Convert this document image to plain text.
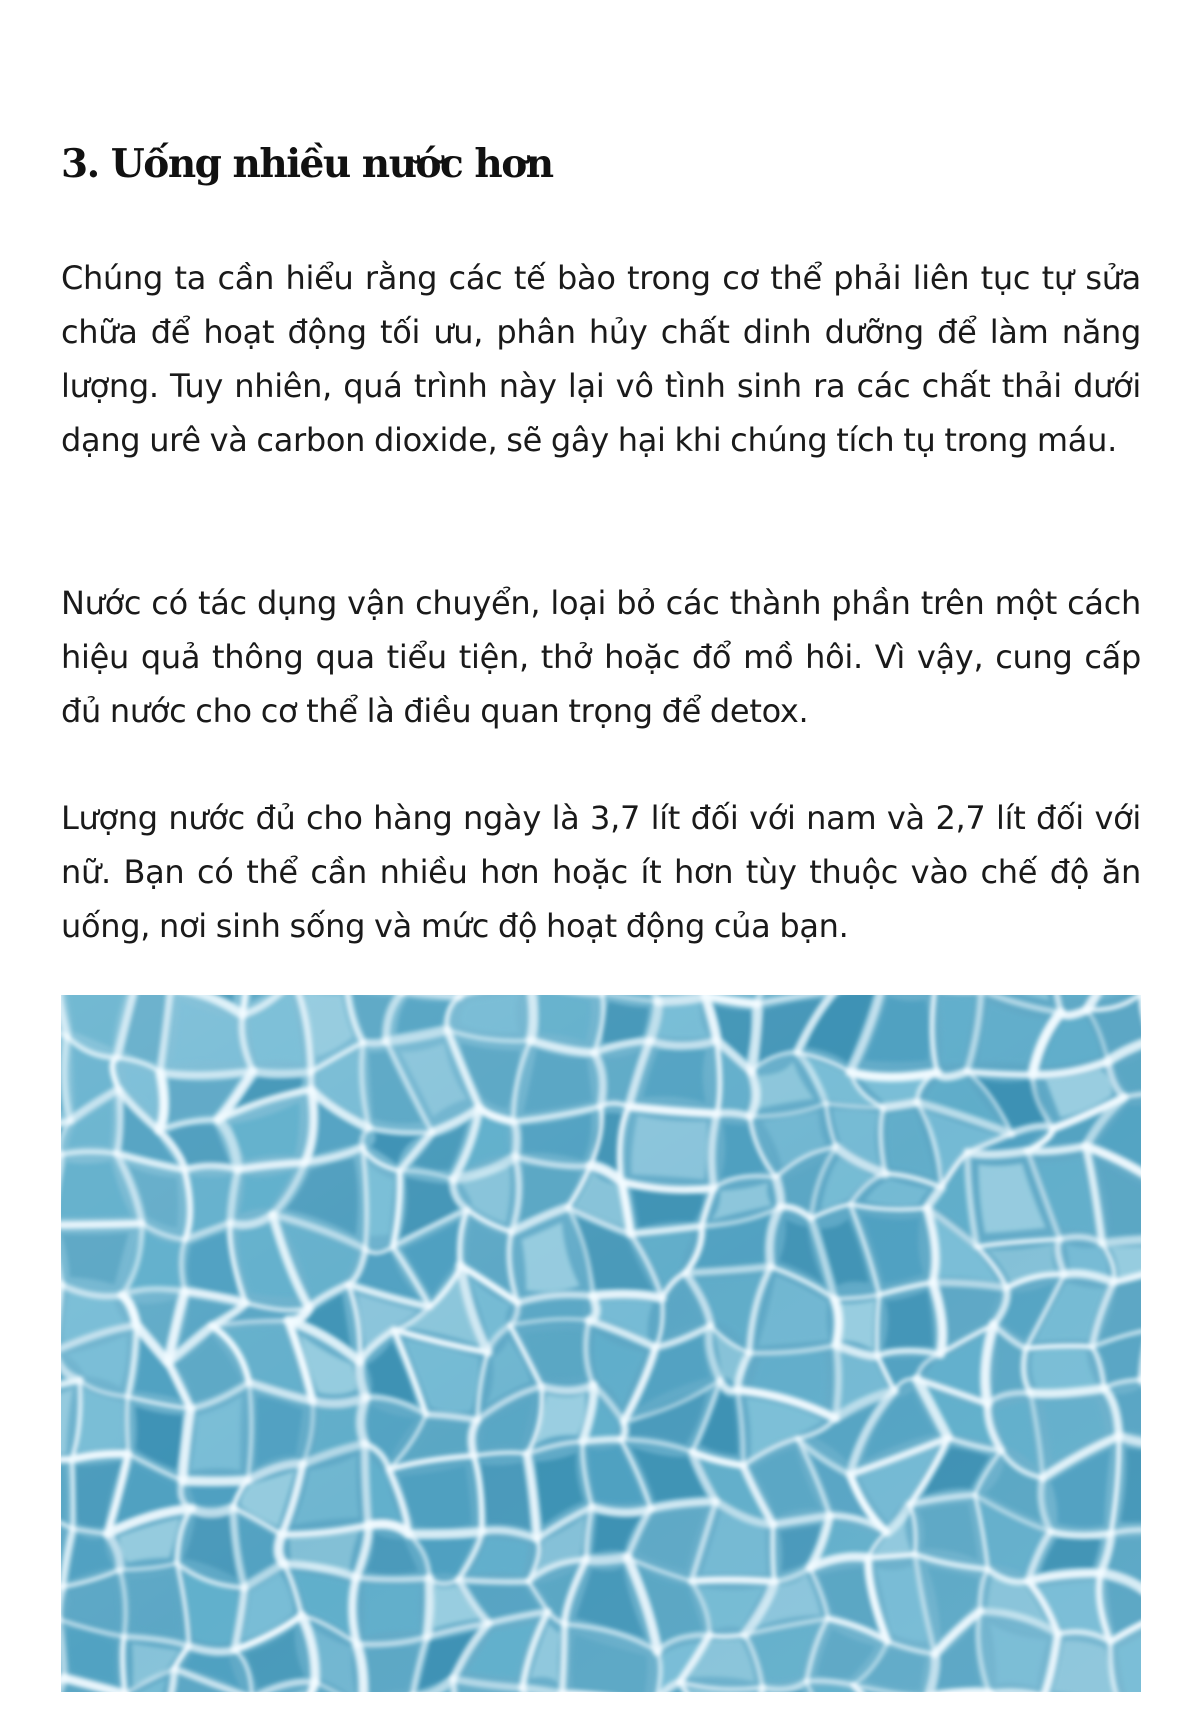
3. Uống nhiều nước hơn

Chúng ta cần hiểu rằng các tế bào trong cơ thể phải liên tục tự sửa chữa để hoạt động tối ưu, phân hủy chất dinh dưỡng để làm năng lượng. Tuy nhiên, quá trình này lại vô tình sinh ra các chất thải dưới dạng urê và carbon dioxide, sẽ gây hại khi chúng tích tụ trong máu.

Nước có tác dụng vận chuyển, loại bỏ các thành phần trên một cách hiệu quả thông qua tiểu tiện, thở hoặc đổ mồ hôi. Vì vậy, cung cấp đủ nước cho cơ thể là điều quan trọng để detox.

Lượng nước đủ cho hàng ngày là 3,7 lít đối với nam và 2,7 lít đối với nữ. Bạn có thể cần nhiều hơn hoặc ít hơn tùy thuộc vào chế độ ăn uống, nơi sinh sống và mức độ hoạt động của bạn.
